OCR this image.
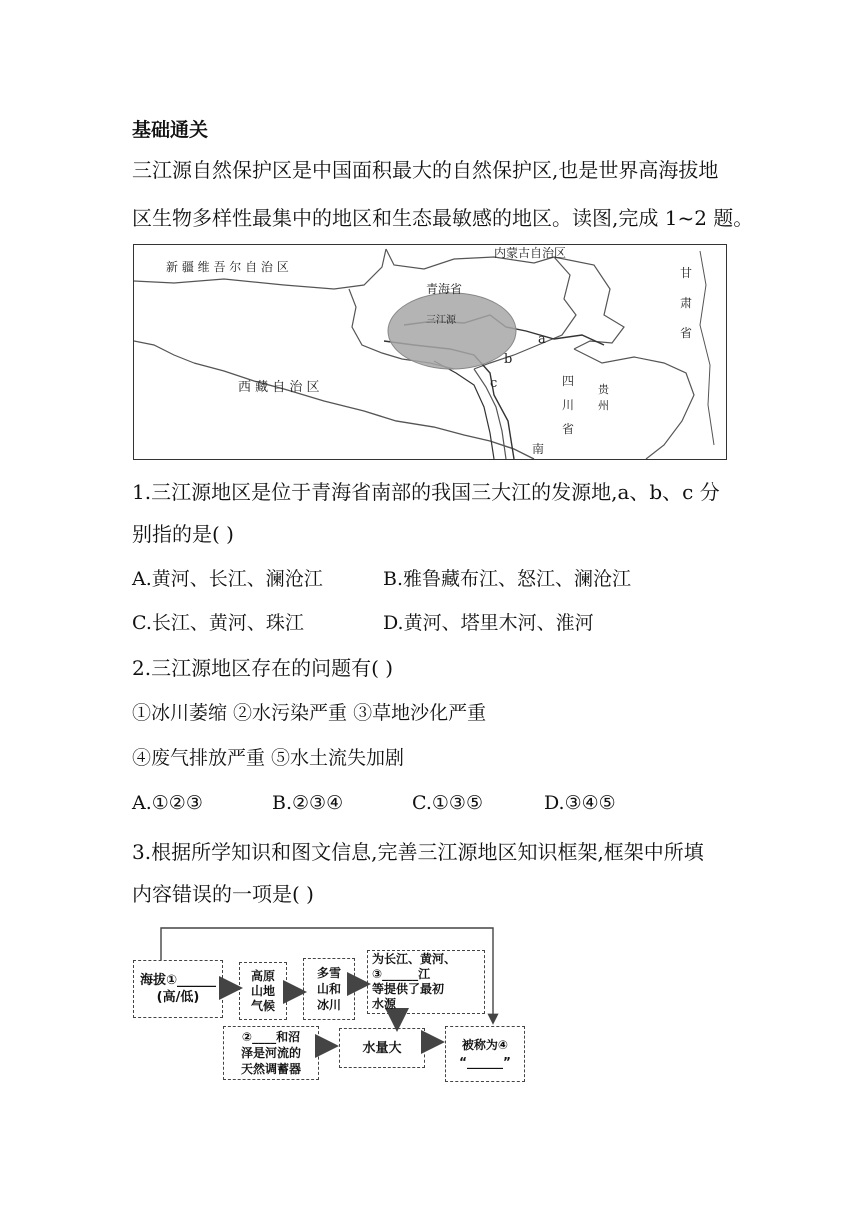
基础通关
三江源自然保护区是中国面积最大的自然保护区,也是世界高海拔地
区生物多样性最集中的地区和生态最敏感的地区。读图,完成 1~2 题。
新 疆 维 吾 尔 自 治 区
内蒙古自治区
青海省
三江源
西 藏 自 治 区
a
b
c
南
甘
肃
省
四
川
省
贵
州
1.三江源地区是位于青海省南部的我国三大江的发源地,a、b、c 分
别指的是( )
A.黄河、长江、澜沧江	B.雅鲁藏布江、怒江、澜沧江
C.长江、黄河、珠江	D.黄河、塔里木河、淮河
2.三江源地区存在的问题有( )
①冰川萎缩 ②水污染严重 ③草地沙化严重
④废气排放严重 ⑤水土流失加剧
A.①②③	B.②③④	C.①③⑤	D.③④⑤
3.根据所学知识和图文信息,完善三江源地区知识框架,框架中所填
内容错误的一项是( )
海拔①______
(高/低)
高原
山地
气候
多雪
山和
冰川
为长江、黄河、
③______江
等提供了最初
水源
②____和沼
泽是河流的
天然调蓄器
水量大	被称为④
“______”
